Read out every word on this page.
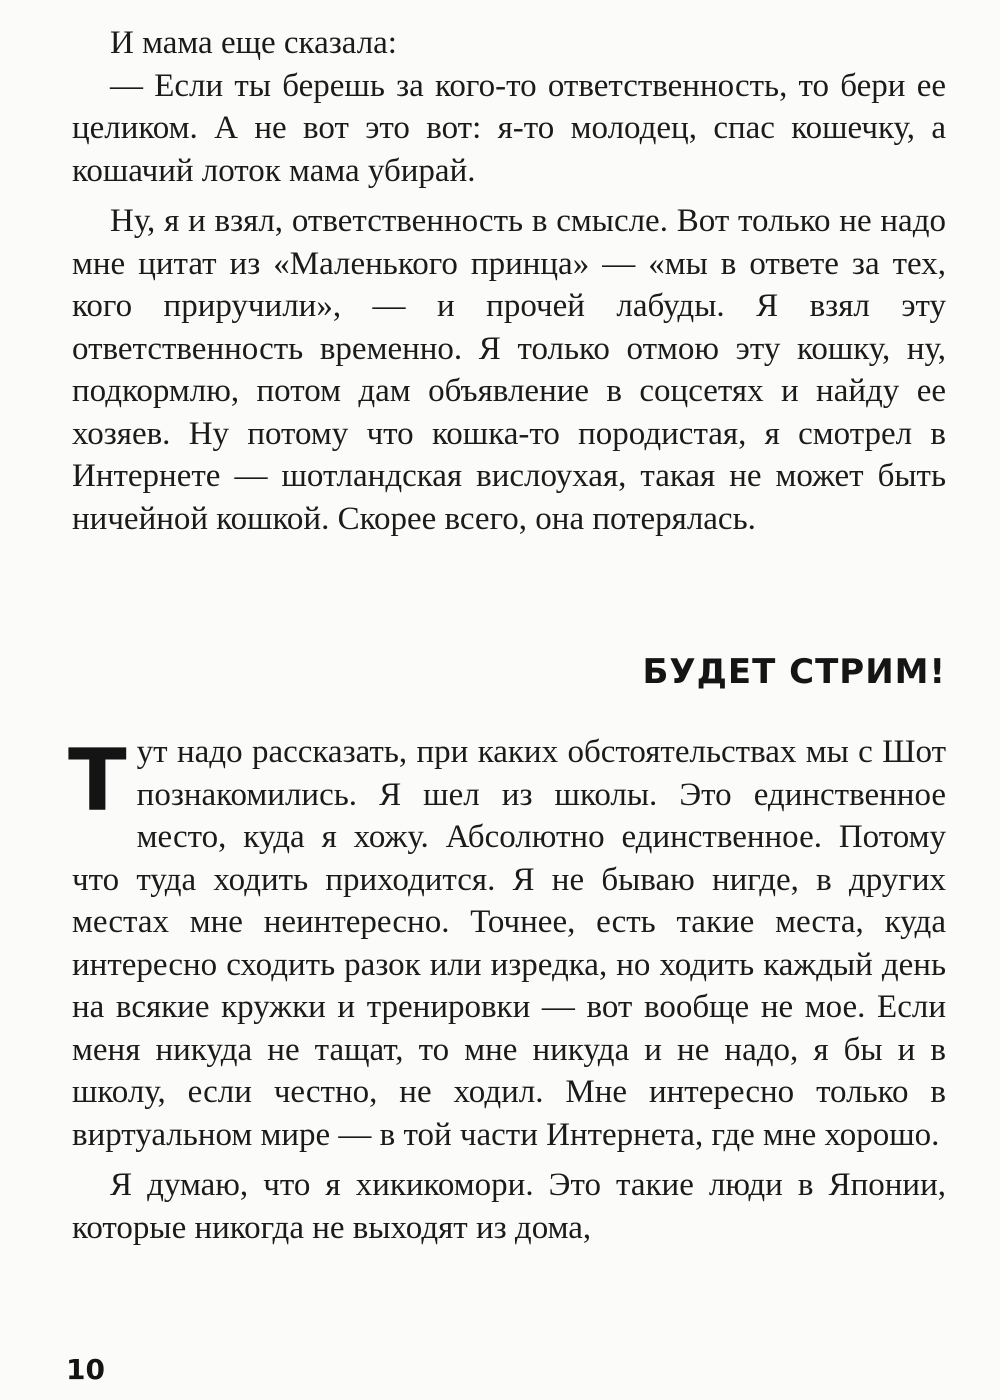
И мама еще сказала:

— Если ты берешь за кого-то ответственность, то бери ее целиком. А не вот это вот: я-то молодец, спас кошечку, а кошачий лоток мама убирай.

Ну, я и взял, ответственность в смысле. Вот только не надо мне цитат из «Маленького принца» — «мы в ответе за тех, кого приручили», — и прочей лабуды. Я взял эту ответственность временно. Я только отмою эту кошку, ну, подкормлю, потом дам объявление в соцсетях и найду ее хозяев. Ну потому что кошка-то породистая, я смотрел в Интернете — шотландская вислоухая, такая не может быть ничейной кошкой. Скорее всего, она потерялась.

БУДЕТ СТРИМ!

Тут надо рассказать, при каких обстоятельствах мы с Шот познакомились. Я шел из школы. Это единственное место, куда я хожу. Абсолютно единственное. Потому что туда ходить приходится. Я не бываю нигде, в других местах мне неинтересно. Точнее, есть такие места, куда интересно сходить разок или изредка, но ходить каждый день на всякие кружки и тренировки — вот вообще не мое. Если меня никуда не тащат, то мне никуда и не надо, я бы и в школу, если честно, не ходил. Мне интересно только в виртуальном мире — в той части Интернета, где мне хорошо.

Я думаю, что я хикикомори. Это такие люди в Японии, которые никогда не выходят из дома,

10
